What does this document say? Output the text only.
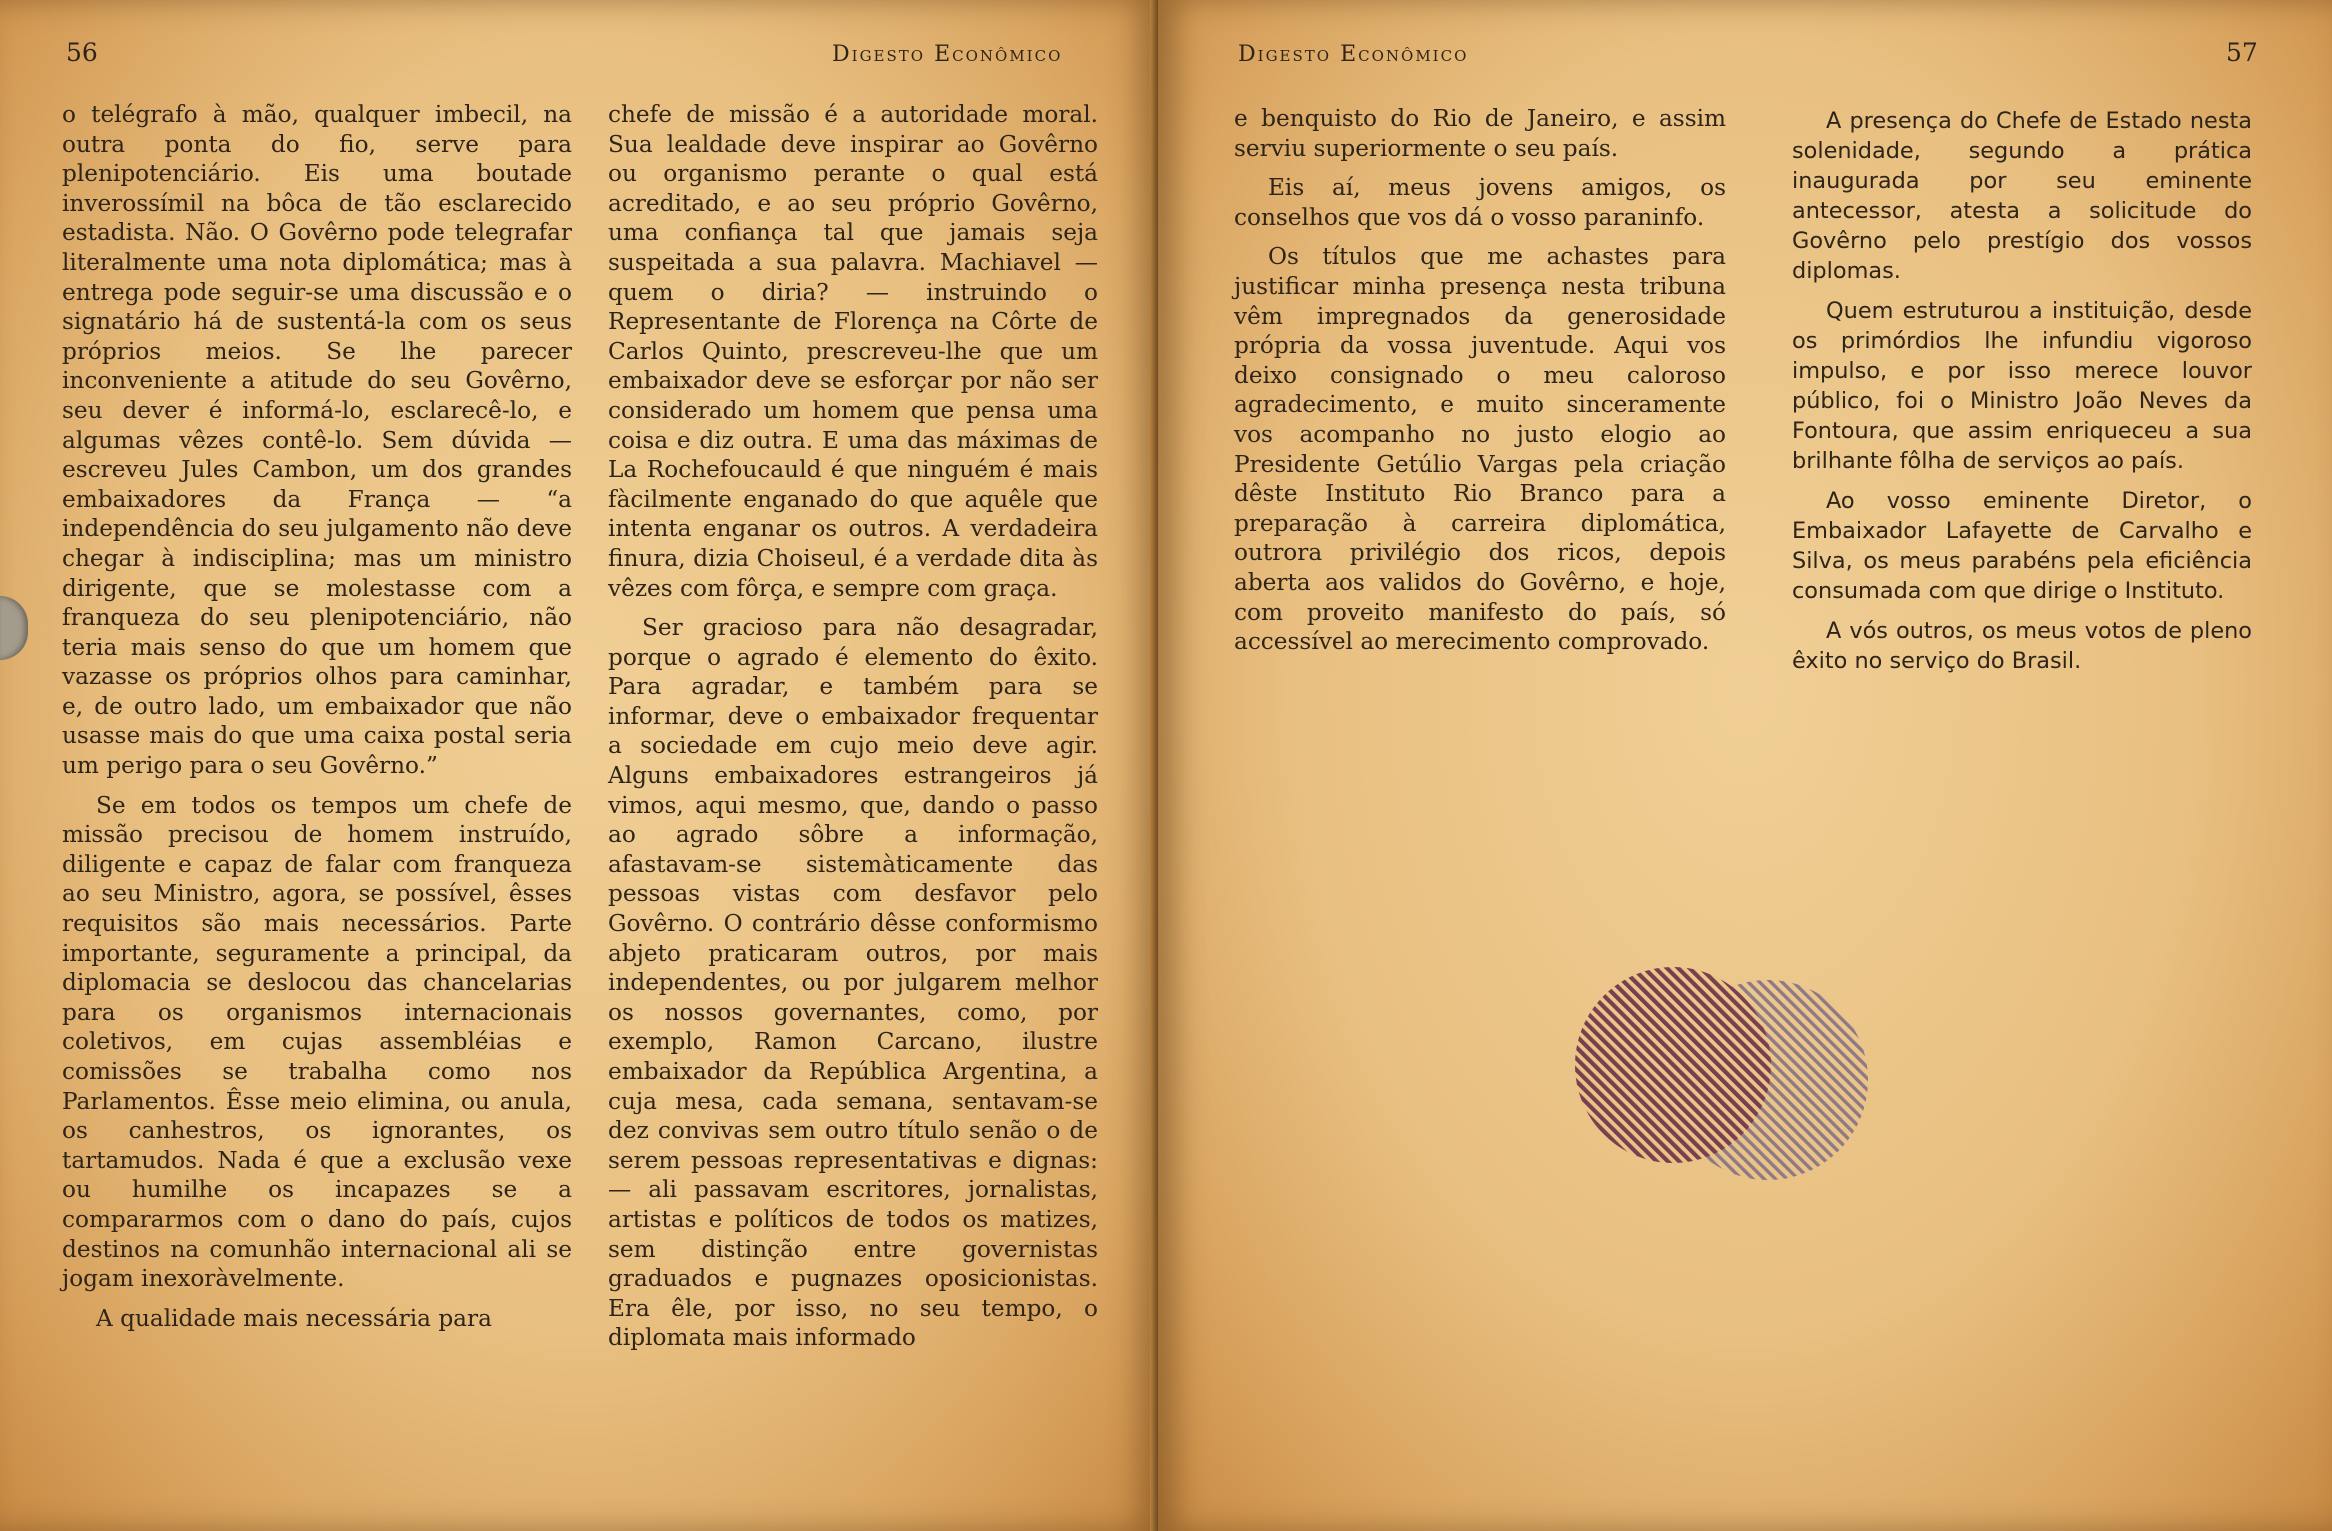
56	Digesto Econômico

o telégrafo à mão, qualquer imbecil, na outra ponta do fio, serve para plenipotenciário. Eis uma boutade inverossímil na bôca de tão esclarecido estadista. Não. O Govêrno pode telegrafar literalmente uma nota diplomática; mas à entrega pode seguir-se uma discussão e o signatário há de sustentá-la com os seus próprios meios. Se lhe parecer inconveniente a atitude do seu Govêrno, seu dever é informá-lo, esclarecê-lo, e algumas vêzes contê-lo. Sem dúvida — escreveu Jules Cambon, um dos grandes embaixadores da França — “a independência do seu julgamento não deve chegar à indisciplina; mas um ministro dirigente, que se molestasse com a franqueza do seu plenipotenciário, não teria mais senso do que um homem que vazasse os próprios olhos para caminhar, e, de outro lado, um embaixador que não usasse mais do que uma caixa postal seria um perigo para o seu Govêrno.”

Se em todos os tempos um chefe de missão precisou de homem instruído, diligente e capaz de falar com franqueza ao seu Ministro, agora, se possível, êsses requisitos são mais necessários. Parte importante, seguramente a principal, da diplomacia se deslocou das chancelarias para os organismos internacionais coletivos, em cujas assembléias e comissões se trabalha como nos Parlamentos. Êsse meio elimina, ou anula, os canhestros, os ignorantes, os tartamudos. Nada é que a exclusão vexe ou humilhe os incapazes se a compararmos com o dano do país, cujos destinos na comunhão internacional ali se jogam inexoràvelmente.

A qualidade mais necessária para

chefe de missão é a autoridade moral. Sua lealdade deve inspirar ao Govêrno ou organismo perante o qual está acreditado, e ao seu próprio Govêrno, uma confiança tal que jamais seja suspeitada a sua palavra. Machiavel — quem o diria? — instruindo o Representante de Florença na Côrte de Carlos Quinto, prescreveu-lhe que um embaixador deve se esforçar por não ser considerado um homem que pensa uma coisa e diz outra. E uma das máximas de La Rochefoucauld é que ninguém é mais fàcilmente enganado do que aquêle que intenta enganar os outros. A verdadeira finura, dizia Choiseul, é a verdade dita às vêzes com fôrça, e sempre com graça.

Ser gracioso para não desagradar, porque o agrado é elemento do êxito. Para agradar, e também para se informar, deve o embaixador frequentar a sociedade em cujo meio deve agir. Alguns embaixadores estrangeiros já vimos, aqui mesmo, que, dando o passo ao agrado sôbre a informação, afastavam-se sistemàticamente das pessoas vistas com desfavor pelo Govêrno. O contrário dêsse conformismo abjeto praticaram outros, por mais independentes, ou por julgarem melhor os nossos governantes, como, por exemplo, Ramon Carcano, ilustre embaixador da República Argentina, a cuja mesa, cada semana, sentavam-se dez convivas sem outro título senão o de serem pessoas representativas e dignas: — ali passavam escritores, jornalistas, artistas e políticos de todos os matizes, sem distinção entre governistas graduados e pugnazes oposicionistas. Era êle, por isso, no seu tempo, o diplomata mais informado

Digesto Econômico	57

e benquisto do Rio de Janeiro, e assim serviu superiormente o seu país.

Eis aí, meus jovens amigos, os conselhos que vos dá o vosso paraninfo.

Os títulos que me achastes para justificar minha presença nesta tribuna vêm impregnados da generosidade própria da vossa juventude. Aqui vos deixo consignado o meu caloroso agradecimento, e muito sinceramente vos acompanho no justo elogio ao Presidente Getúlio Vargas pela criação dêste Instituto Rio Branco para a preparação à carreira diplomática, outrora privilégio dos ricos, depois aberta aos validos do Govêrno, e hoje, com proveito manifesto do país, só accessível ao merecimento comprovado.

A presença do Chefe de Estado nesta solenidade, segundo a prática inaugurada por seu eminente antecessor, atesta a solicitude do Govêrno pelo prestígio dos vossos diplomas.

Quem estruturou a instituição, desde os primórdios lhe infundiu vigoroso impulso, e por isso merece louvor público, foi o Ministro João Neves da Fontoura, que assim enriqueceu a sua brilhante fôlha de serviços ao país.

Ao vosso eminente Diretor, o Embaixador Lafayette de Carvalho e Silva, os meus parabéns pela eficiência consumada com que dirige o Instituto.

A vós outros, os meus votos de pleno êxito no serviço do Brasil.
